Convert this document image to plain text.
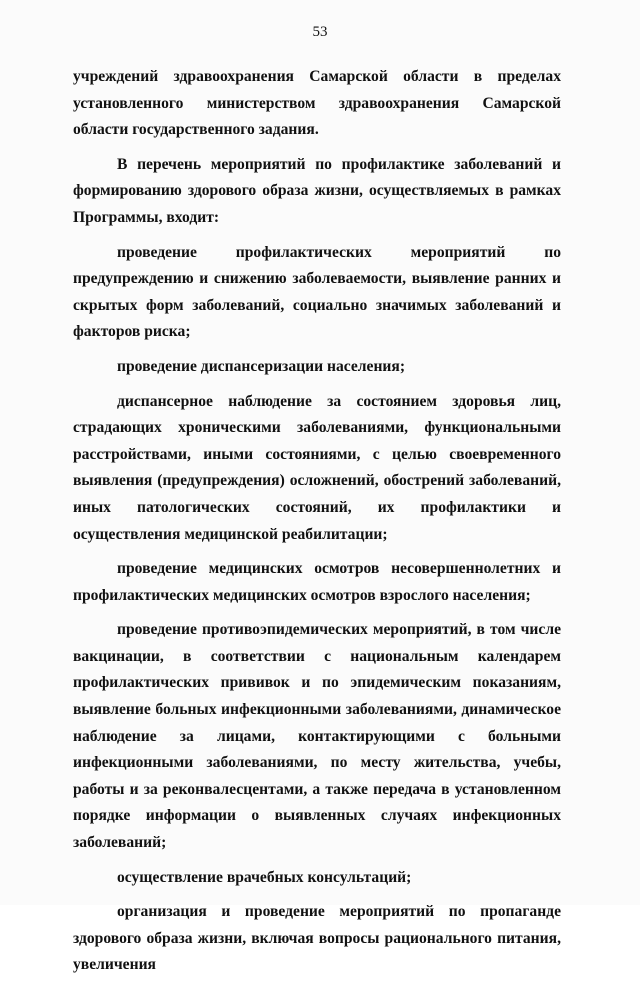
53

учреждений здравоохранения Самарской области в пределах установленного министерством здравоохранения Самарской области государственного задания.

В перечень мероприятий по профилактике заболеваний и формированию здорового образа жизни, осуществляемых в рамках Программы, входит:

проведение профилактических мероприятий по предупреждению и снижению заболеваемости, выявление ранних и скрытых форм заболеваний, социально значимых заболеваний и факторов риска;

проведение диспансеризации населения;

диспансерное наблюдение за состоянием здоровья лиц, страдающих хроническими заболеваниями, функциональными расстройствами, иными состояниями, с целью своевременного выявления (предупреждения) осложнений, обострений заболеваний, иных патологических состояний, их профилактики и осуществления медицинской реабилитации;

проведение медицинских осмотров несовершеннолетних и профилактических медицинских осмотров взрослого населения;

проведение противоэпидемических мероприятий, в том числе вакцинации, в соответствии с национальным календарем профилактических прививок и по эпидемическим показаниям, выявление больных инфекционными заболеваниями, динамическое наблюдение за лицами, контактирующими с больными инфекционными заболеваниями, по месту жительства, учебы, работы и за реконвалесцентами, а также передача в установленном порядке информации о выявленных случаях инфекционных заболеваний;

осуществление врачебных консультаций;

организация и проведение мероприятий по пропаганде здорового образа жизни, включая вопросы рационального питания, увеличения
